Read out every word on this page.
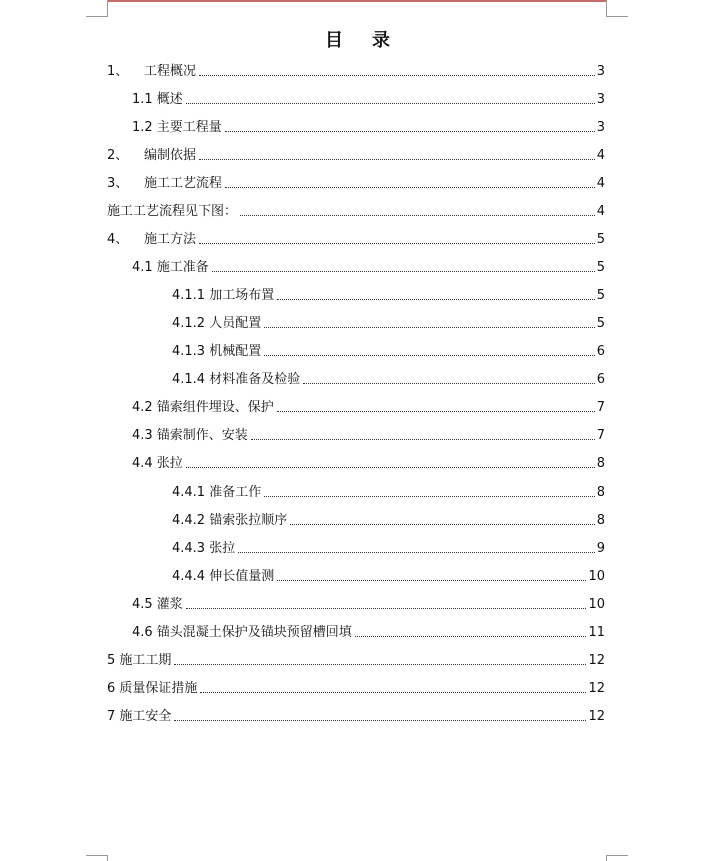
目 录
1、	工程概况	3
1.1 概述	3
1.2 主要工程量	3
2、	编制依据	4
3、	施工工艺流程	4
施工工艺流程见下图：	4
4、	施工方法	5
4.1 施工准备	5
4.1.1 加工场布置	5
4.1.2 人员配置	5
4.1.3 机械配置	6
4.1.4 材料准备及检验	6
4.2 锚索组件埋设、保护	7
4.3 锚索制作、安装	7
4.4 张拉	8
4.4.1 准备工作	8
4.4.2 锚索张拉顺序	8
4.4.3 张拉	9
4.4.4 伸长值量测	10
4.5 灌浆	10
4.6 锚头混凝土保护及锚块预留槽回填	11
5 施工工期	12
6 质量保证措施	12
7 施工安全	12
